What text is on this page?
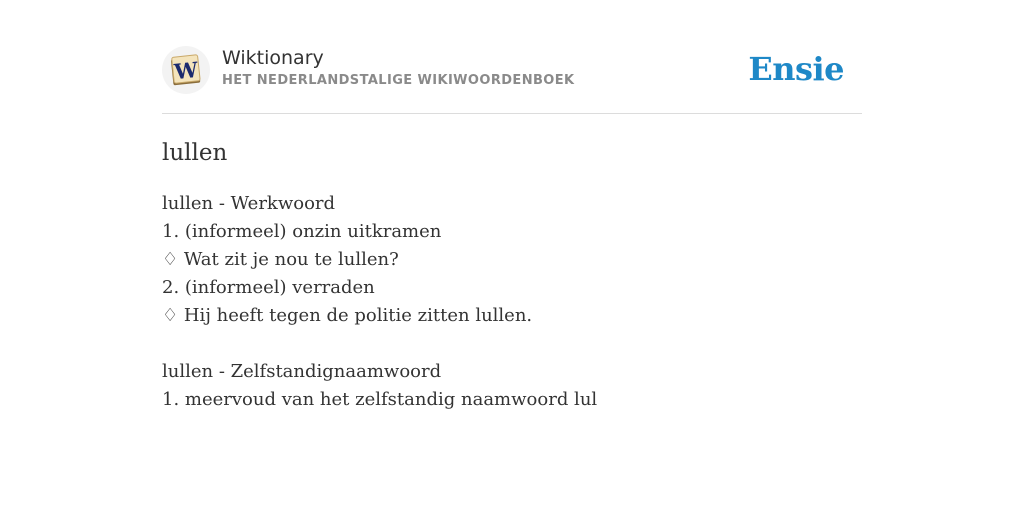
W Wiktionary
HET NEDERLANDSTALIGE WIKIWOORDENBOEK	Ensie
lullen
lullen - Werkwoord
1. (informeel) onzin uitkramen
♢ Wat zit je nou te lullen?
2. (informeel) verraden
♢ Hij heeft tegen de politie zitten lullen.
lullen - Zelfstandignaamwoord
1. meervoud van het zelfstandig naamwoord lul
